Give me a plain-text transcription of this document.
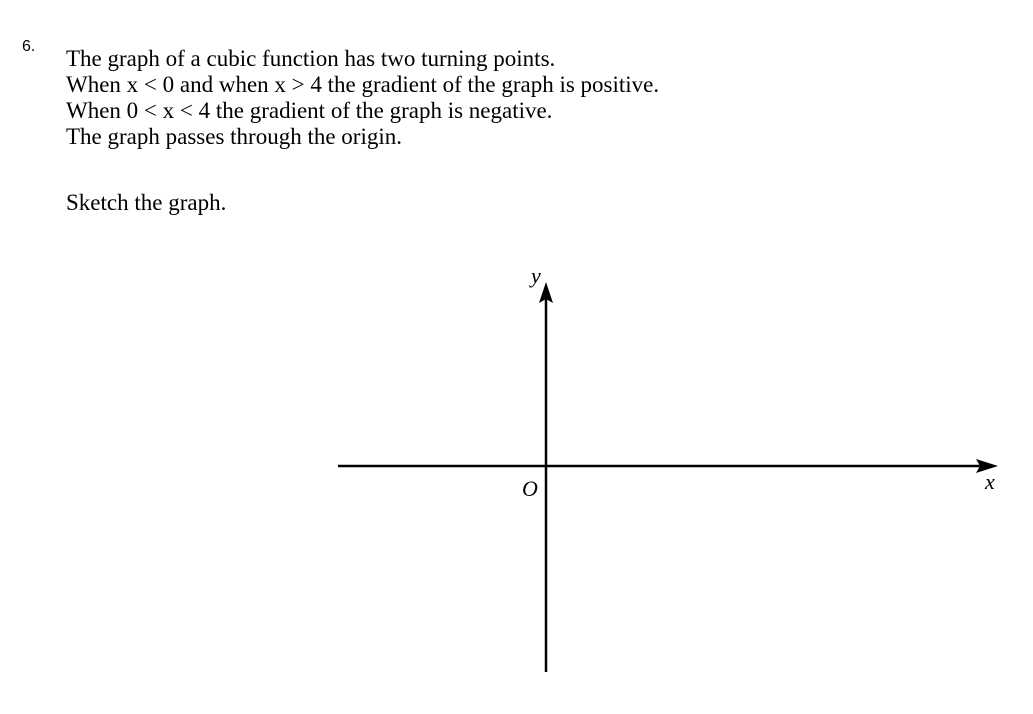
6. The graph of a cubic function has two turning points.
When x < 0 and when x > 4 the gradient of the graph is positive.
When 0 < x < 4 the gradient of the graph is negative.
The graph passes through the origin.
Sketch the graph.
y
x
O
